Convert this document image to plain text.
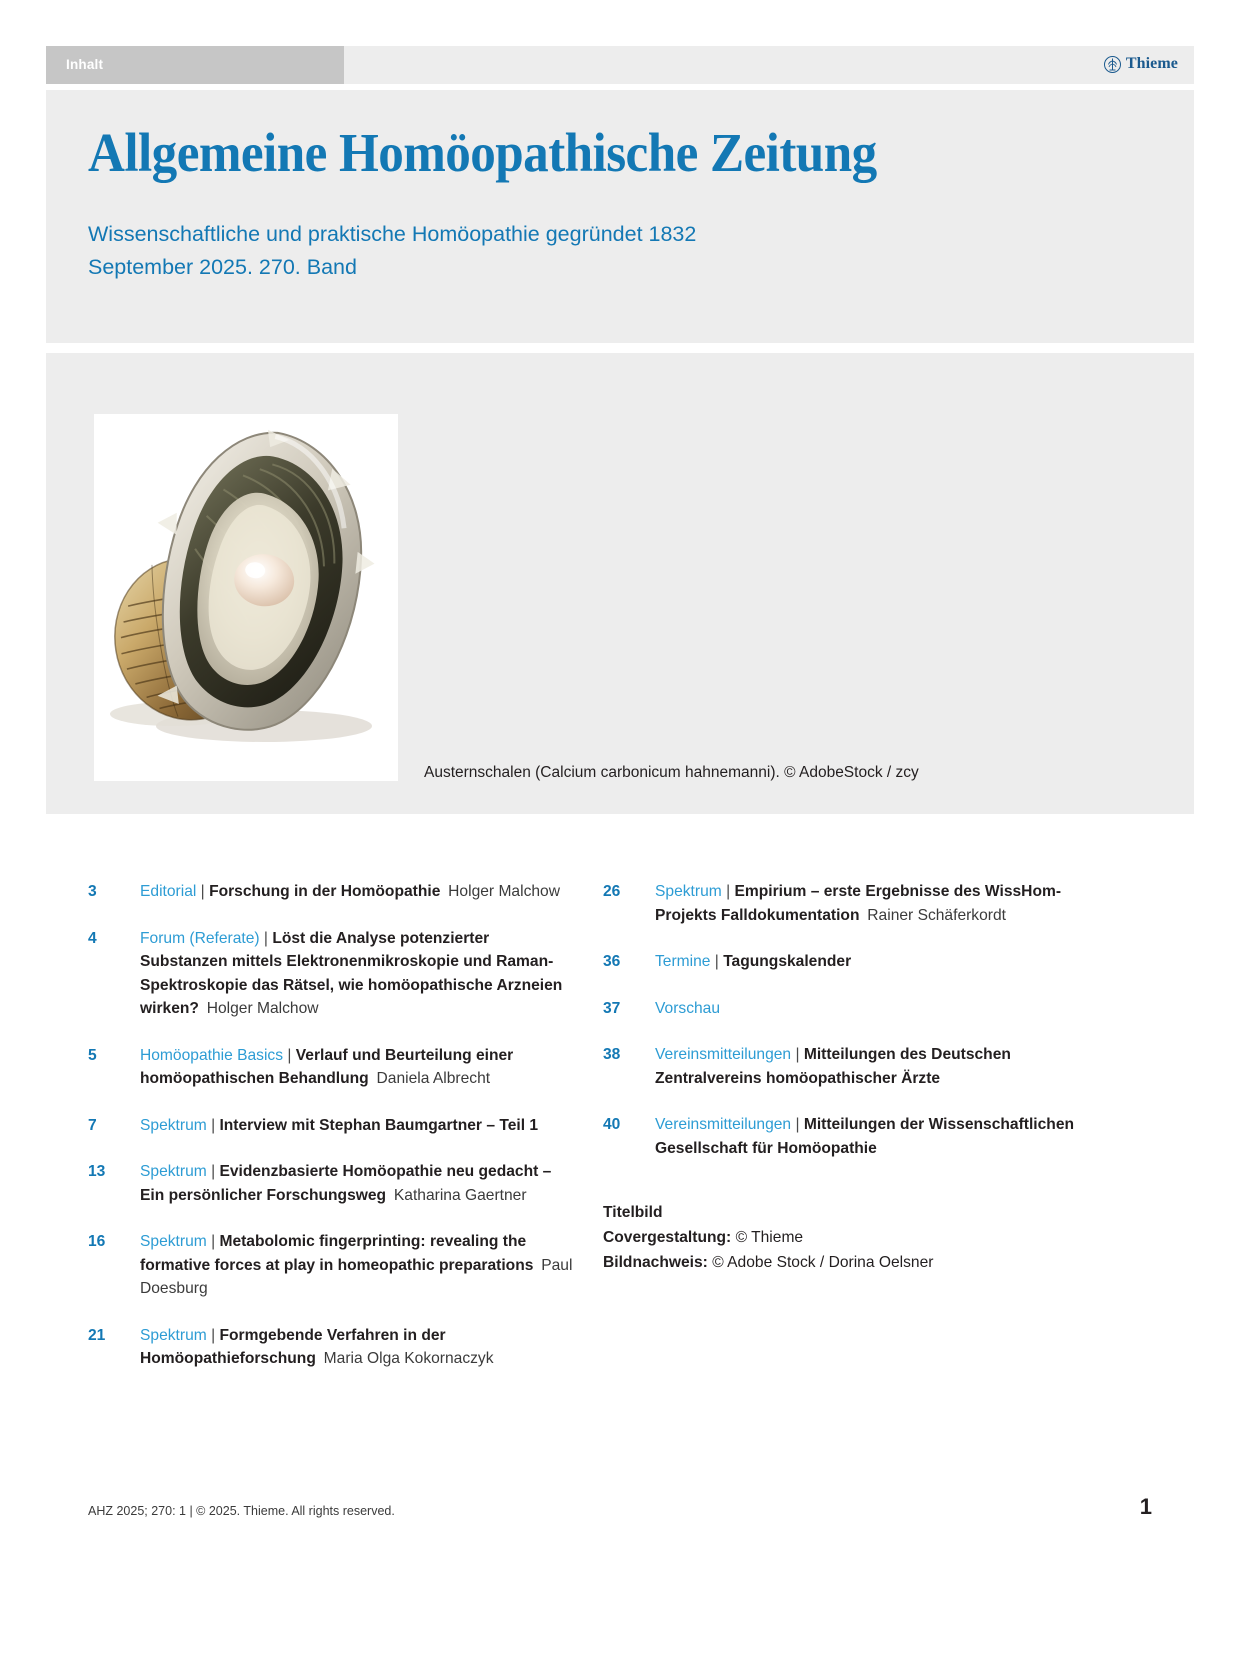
Inhalt	Thieme
Allgemeine Homöopathische Zeitung
Wissenschaftliche und praktische Homöopathie gegründet 1832
September 2025. 270. Band
Austernschalen (Calcium carbonicum hahnemanni). © AdobeStock / zcy
3	Editorial | Forschung in der Homöopathie Holger Malchow
4	Forum (Referate) | Löst die Analyse potenzierter Substanzen mittels Elektronenmikroskopie und Raman-Spektroskopie das Rätsel, wie homöopathische Arzneien wirken? Holger Malchow
5	Homöopathie Basics | Verlauf und Beurteilung einer homöopathischen Behandlung Daniela Albrecht
7	Spektrum | Interview mit Stephan Baumgartner – Teil 1
13	Spektrum | Evidenzbasierte Homöopathie neu gedacht – Ein persönlicher Forschungsweg Katharina Gaertner
16	Spektrum | Metabolomic fingerprinting: revealing the formative forces at play in homeopathic preparations Paul Doesburg
21	Spektrum | Formgebende Verfahren in der Homöopathieforschung Maria Olga Kokornaczyk
26	Spektrum | Empirium – erste Ergebnisse des WissHom-Projekts Falldokumentation Rainer Schäferkordt
36	Termine | Tagungskalender
37	Vorschau
38	Vereinsmitteilungen | Mitteilungen des Deutschen Zentralvereins homöopathischer Ärzte
40	Vereinsmitteilungen | Mitteilungen der Wissenschaftlichen Gesellschaft für Homöopathie
Titelbild
Covergestaltung: © Thieme
Bildnachweis: © Adobe Stock / Dorina Oelsner
AHZ 2025; 270: 1 | © 2025. Thieme. All rights reserved.	1
